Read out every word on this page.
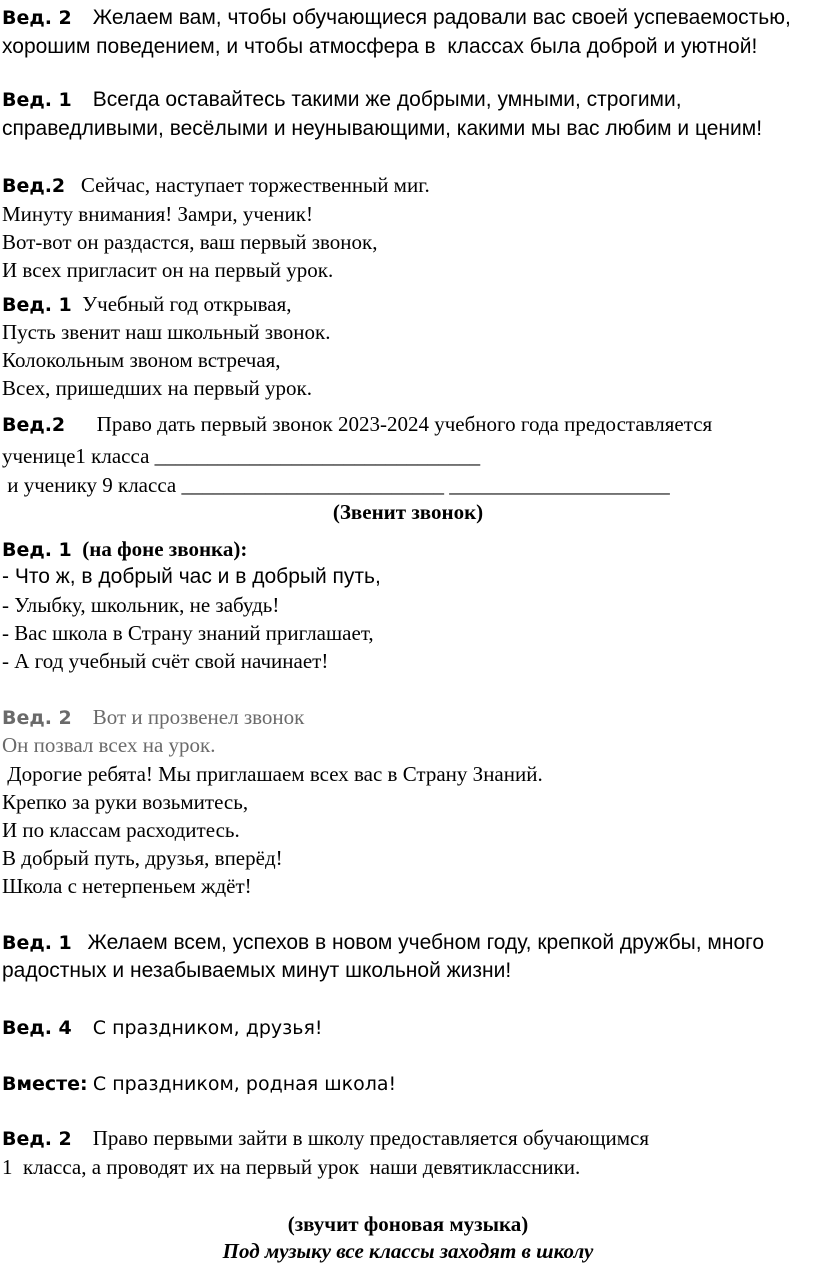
Вед. 2 Желаем вам, чтобы обучающиеся радовали вас своей успеваемостью,
хорошим поведением, и чтобы атмосфера в  классах была доброй и уютной!
Вед. 1 Всегда оставайтесь такими же добрыми, умными, строгими,
справедливыми, весёлыми и неунывающими, какими мы вас любим и ценим!
Вед.2 Сейчас, наступает торжественный миг.
Минуту внимания! Замри, ученик!
Вот-вот он раздастся, ваш первый звонок,
И всех пригласит он на первый урок.
Вед. 1 Учебный год открывая,
Пусть звенит наш школьный звонок.
Колокольным звоном встречая,
Всех, пришедших на первый урок.
Вед.2 Право дать первый звонок 2023-2024 учебного года предоставляется
ученице1 класса _______________________________
и ученику 9 класса _________________________ _____________________
(Звенит звонок)
Вед. 1 (на фоне звонка):
- Что ж, в добрый час и в добрый путь,
- Улыбку, школьник, не забудь!
- Вас школа в Страну знаний приглашает,
- А год учебный счёт свой начинает!
Вед. 2 Вот и прозвенел звонок
Он позвал всех на урок.
Дорогие ребята! Мы приглашаем всех вас в Страну Знаний.
Крепко за руки возьмитесь,
И по классам расходитесь.
В добрый путь, друзья, вперёд!
Школа с нетерпеньем ждёт!
Вед. 1 Желаем всем, успехов в новом учебном году, крепкой дружбы, много
радостных и незабываемых минут школьной жизни!
Вед. 4 С праздником, друзья!
Вместе: С праздником, родная школа!
Вед. 2 Право первыми зайти в школу предоставляется обучающимся
1  класса, а проводят их на первый урок  наши девятиклассники.
(звучит фоновая музыка)
Под музыку все классы заходят в школу
